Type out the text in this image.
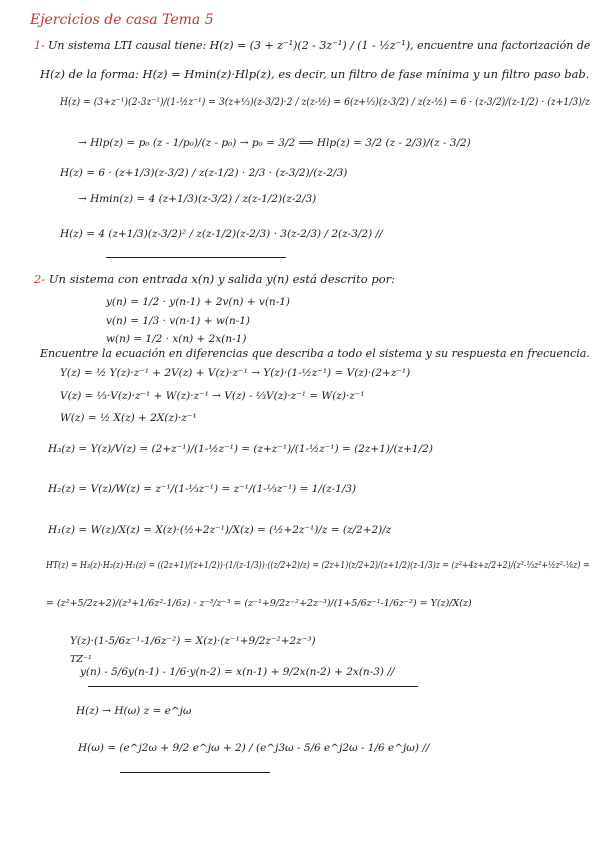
Ejercicios de casa Tema 5
1- Un sistema LTI causal tiene: H(z) = (3 + z⁻¹)(2 - 3z⁻¹) / (1 - ½z⁻¹), encuentre una factorización de
H(z) de la forma: H(z) = Hmin(z)·Hlp(z), es decir, un filtro de fase mínima y un filtro paso bab.
H(z) = (3+z⁻¹)(2-3z⁻¹)/(1-½z⁻¹) = 3(z+⅓)(z-3/2)·2 / z(z-½) = 6(z+⅓)(z-3/2) / z(z-½) = 6 · (z-3/2)/(z-1/2) · (z+1/3)/z
→ Hlp(z) = p₀ (z - 1/p₀)/(z - p₀) → p₀ = 3/2 ⟹ Hlp(z) = 3/2 (z - 2/3)/(z - 3/2)
H(z) = 6 · (z+1/3)(z-3/2) / z(z-1/2) · 2/3 · (z-3/2)/(z-2/3)
→ Hmin(z) = 4 (z+1/3)(z-3/2) / z(z-1/2)(z-2/3)
H(z) = 4 (z+1/3)(z-3/2)² / z(z-1/2)(z-2/3) · 3(z-2/3) / 2(z-3/2) //
2- Un sistema con entrada x(n) y salida y(n) está descrito por:
y(n) = 1/2 · y(n-1) + 2v(n) + v(n-1)
v(n) = 1/3 · v(n-1) + w(n-1)
w(n) = 1/2 · x(n) + 2x(n-1)
Encuentre la ecuación en diferencias que describa a todo el sistema y su respuesta en frecuencia.
Y(z) = ½ Y(z)·z⁻¹ + 2V(z) + V(z)·z⁻¹ → Y(z)·(1-½z⁻¹) = V(z)·(2+z⁻¹)
V(z) = ⅓·V(z)·z⁻¹ + W(z)·z⁻¹ → V(z) - ⅓V(z)·z⁻¹ = W(z)·z⁻¹
W(z) = ½ X(z) + 2X(z)·z⁻¹
H₃(z) = Y(z)/V(z) = (2+z⁻¹)/(1-½z⁻¹) = (z+z⁻¹)/(1-½z⁻¹) = (2z+1)/(z+1/2)
H₂(z) = V(z)/W(z) = z⁻¹/(1-⅓z⁻¹) = z⁻¹/(1-⅓z⁻¹) = 1/(z-1/3)
H₁(z) = W(z)/X(z) = X(z)·(½+2z⁻¹)/X(z) = (½+2z⁻¹)/z = (z/2+2)/z
HT(z) = H₃(z)·H₂(z)·H₁(z) = ((2z+1)/(z+1/2))·(1/(z-1/3))·((z/2+2)/z) = (2z+1)(z/2+2)/(z+1/2)(z-1/3)z = (z²+4z+z/2+2)/(z³-⅓z²+½z²-⅙z) =
= (z²+5/2z+2)/(z³+1/6z²-1/6z) · z⁻³/z⁻³ = (z⁻¹+9/2z⁻²+2z⁻³)/(1+5/6z⁻¹-1/6z⁻²) = Y(z)/X(z)
Y(z)·(1-5/6z⁻¹-1/6z⁻²) = X(z)·(z⁻¹+9/2z⁻²+2z⁻³)
TZ⁻¹
y(n) - 5/6y(n-1) - 1/6·y(n-2) = x(n-1) + 9/2x(n-2) + 2x(n-3) //
H(z) → H(ω) z = e^jω
H(ω) = (e^j2ω + 9/2 e^jω + 2) / (e^j3ω - 5/6 e^j2ω - 1/6 e^jω) //
